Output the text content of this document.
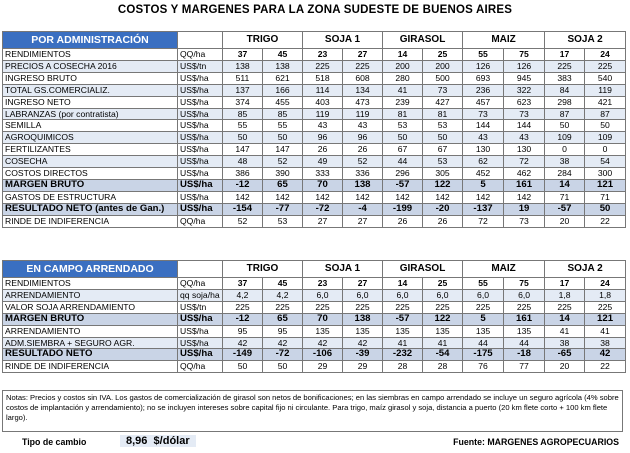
COSTOS Y MARGENES PARA LA ZONA SUDESTE DE BUENOS AIRES
POR ADMINISTRACIÓN		TRIGO		SOJA 1		GIRASOL		MAIZ		SOJA 2	
RENDIMIENTOS	QQ/ha	37	45	23	27	14	25	55	75	17	24
PRECIOS A COSECHA 2016	US$/tn	138	138	225	225	200	200	126	126	225	225
INGRESO BRUTO	US$/ha	511	621	518	608	280	500	693	945	383	540
TOTAL GS.COMERCIALIZ.	US$/ha	137	166	114	134	41	73	236	322	84	119
INGRESO NETO	US$/ha	374	455	403	473	239	427	457	623	298	421
LABRANZAS (por contratista)	US$/ha	85	85	119	119	81	81	73	73	87	87
SEMILLA	US$/ha	55	55	43	43	53	53	144	144	50	50
AGROQUIMICOS	US$/ha	50	50	96	96	50	50	43	43	109	109
FERTILIZANTES	US$/ha	147	147	26	26	67	67	130	130	0	0
COSECHA	US$/ha	48	52	49	52	44	53	62	72	38	54
COSTOS DIRECTOS	US$/ha	386	390	333	336	296	305	452	462	284	300
MARGEN BRUTO	US$/ha	-12	65	70	138	-57	122	5	161	14	121
GASTOS DE ESTRUCTURA	US$/ha	142	142	142	142	142	142	142	142	71	71
RESULTADO NETO (antes de Gan.)	US$/ha	-154	-77	-72	-4	-199	-20	-137	19	-57	50
RINDE DE INDIFERENCIA	QQ/ha	52	53	27	27	26	26	72	73	20	22
EN CAMPO ARRENDADO		TRIGO		SOJA 1		GIRASOL		MAIZ		SOJA 2	
RENDIMIENTOS	QQ/ha	37	45	23	27	14	25	55	75	17	24
ARRENDAMIENTO	qq soja/ha	4,2	4,2	6,0	6,0	6,0	6,0	6,0	6,0	1,8	1,8
VALOR SOJA ARRENDAMIENTO	US$/tn	225	225	225	225	225	225	225	225	225	225
MARGEN BRUTO	US$/ha	-12	65	70	138	-57	122	5	161	14	121
ARRENDAMIENTO	US$/ha	95	95	135	135	135	135	135	135	41	41
ADM.SIEMBRA + SEGURO AGR.	US$/ha	42	42	42	42	41	41	44	44	38	38
RESULTADO NETO	US$/ha	-149	-72	-106	-39	-232	-54	-175	-18	-65	42
RINDE DE INDIFERENCIA	QQ/ha	50	50	29	29	28	28	76	77	20	22
Notas: Precios y costos sin IVA. Los gastos de comercialización de girasol son netos de bonificaciones; en las siembras en campo arrendado se incluye un seguro agrícola (4% sobre costos de implantación y arrendamiento); no se incluyen intereses sobre capital fijo ni circulante. Para trigo, maíz girasol y soja, distancia a puerto (20 km flete corto + 100 km flete largo).
Tipo de cambio	8,96 $/dólar	Fuente: MARGENES AGROPECUARIOS
